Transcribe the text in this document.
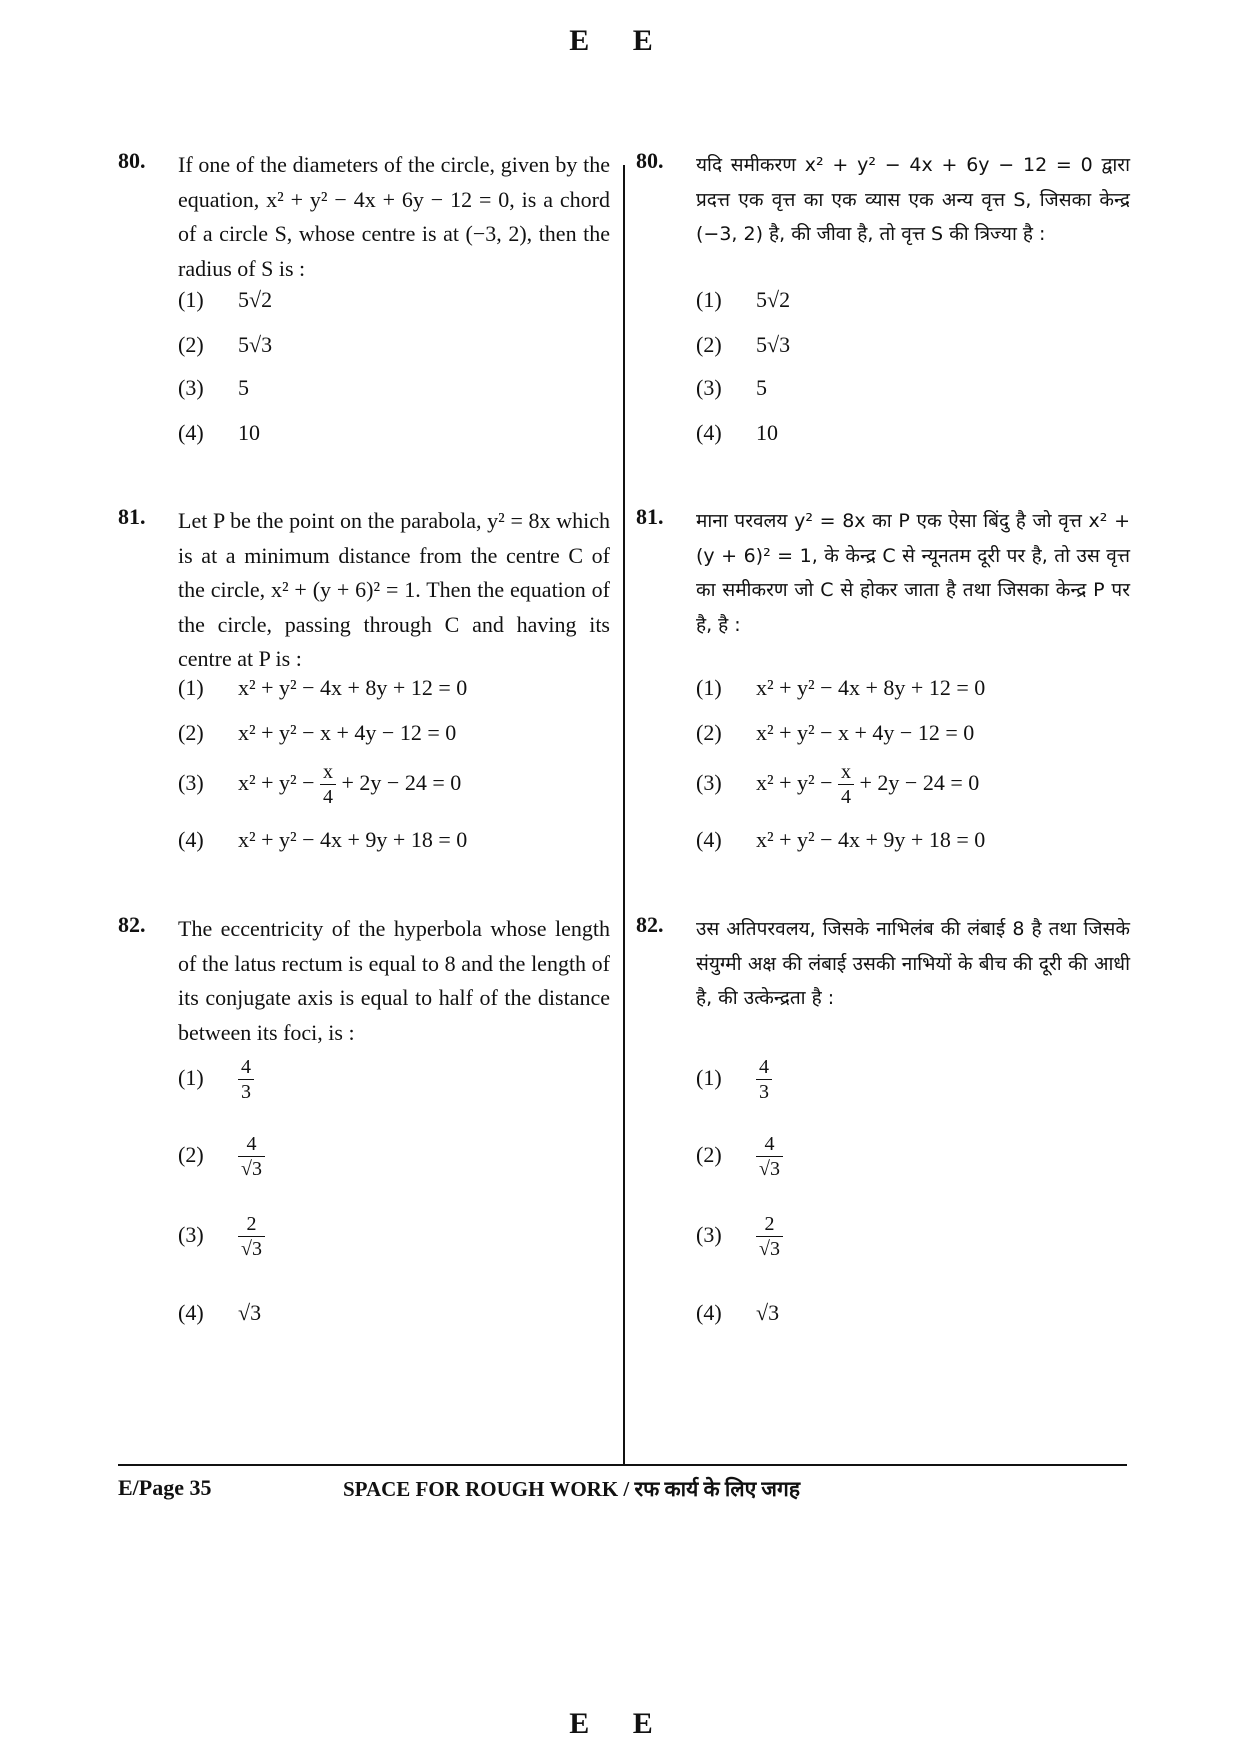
E E
80. If one of the diameters of the circle, given by the equation, x² + y² − 4x + 6y − 12 = 0, is a chord of a circle S, whose centre is at (−3, 2), then the radius of S is :
(1) 5√2
(2) 5√3
(3) 5
(4) 10
81. Let P be the point on the parabola, y² = 8x which is at a minimum distance from the centre C of the circle, x² + (y + 6)² = 1. Then the equation of the circle, passing through C and having its centre at P is :
(1) x² + y² − 4x + 8y + 12 = 0
(2) x² + y² − x + 4y − 12 = 0
(3) $x^2 + y^2 - \frac{x}{4} + 2y - 24 = 0$
(4) x² + y² − 4x + 9y + 18 = 0
82. The eccentricity of the hyperbola whose length of the latus rectum is equal to 8 and the length of its conjugate axis is equal to half of the distance between its foci, is :
$(1) \frac{4}{3}$
$(2) \frac{4}{√3}$
$(3) \frac{2}{√3}$
(4) √3
80. यदि समीकरण x² + y² − 4x + 6y − 12 = 0 द्वारा प्रदत्त एक वृत्त का एक व्यास एक अन्य वृत्त S, जिसका केन्द्र (−3, 2) है, की जीवा है, तो वृत्त S की त्रिज्या है :
(1) 5√2
(2) 5√3
(3) 5
(4) 10
81. माना परवलय y² = 8x का P एक ऐसा बिंदु है जो वृत्त x² + (y + 6)² = 1, के केन्द्र C से न्यूनतम दूरी पर है, तो उस वृत्त का समीकरण जो C से होकर जाता है तथा जिसका केन्द्र P पर है, है :
(1) x² + y² − 4x + 8y + 12 = 0
(2) x² + y² − x + 4y − 12 = 0
(3) $x^2 + y^2 - \frac{x}{4} + 2y - 24 = 0$
(4) x² + y² − 4x + 9y + 18 = 0
82. उस अतिपरवलय, जिसके नाभिलंब की लंबाई 8 है तथा जिसके संयुग्मी अक्ष की लंबाई उसकी नाभियों के बीच की दूरी की आधी है, की उत्केन्द्रता है :
$(1) \frac{4}{3}$
$(2) \frac{4}{√3}$
$(3) \frac{2}{√3}$
(4) √3
E/Page 35	SPACE FOR ROUGH WORK / रफ कार्य के लिए जगह
E E
